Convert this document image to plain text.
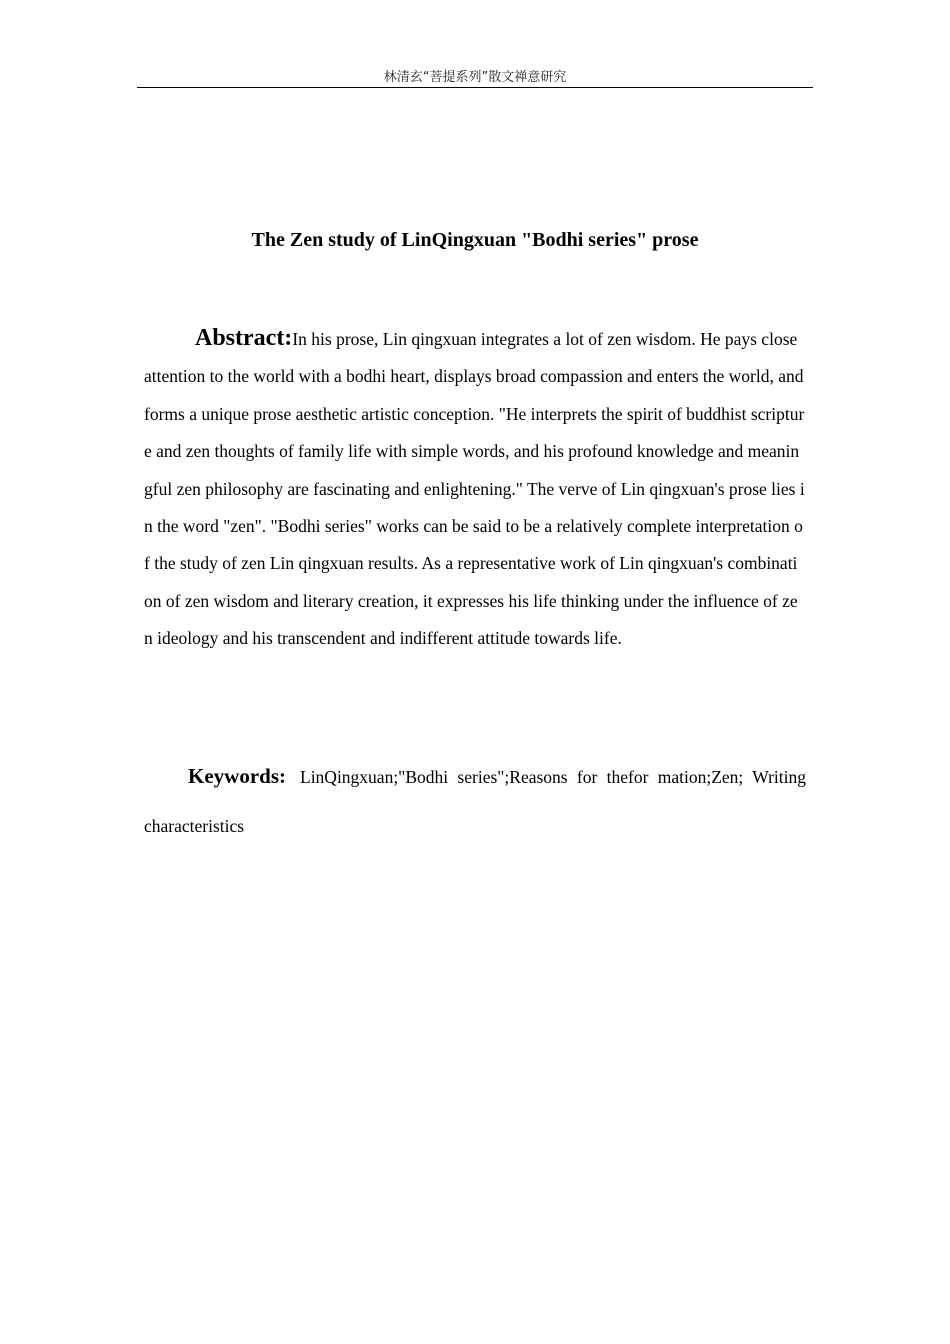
林清玄“菩提系列”散文禅意研究
The Zen study of LinQingxuan "Bodhi series" prose
Abstract:In his prose, Lin qingxuan integrates a lot of zen wisdom. He pays close attention to the world with a bodhi heart, displays broad compassion and enters the world, and forms a unique prose aesthetic artistic conception. "He interprets the spirit of buddhist scripture and zen thoughts of family life with simple words, and his profound knowledge and meaningful zen philosophy are fascinating and enlightening." The verve of Lin qingxuan's prose lies in the word "zen". "Bodhi series" works can be said to be a relatively complete interpretation of the study of zen Lin qingxuan results. As a representative work of Lin qingxuan's combination of zen wisdom and literary creation, it expresses his life thinking under the influence of zen ideology and his transcendent and indifferent attitude towards life.
Keywords: LinQingxuan;"Bodhi series";Reasons for thefor mation;Zen; Writing characteristics
